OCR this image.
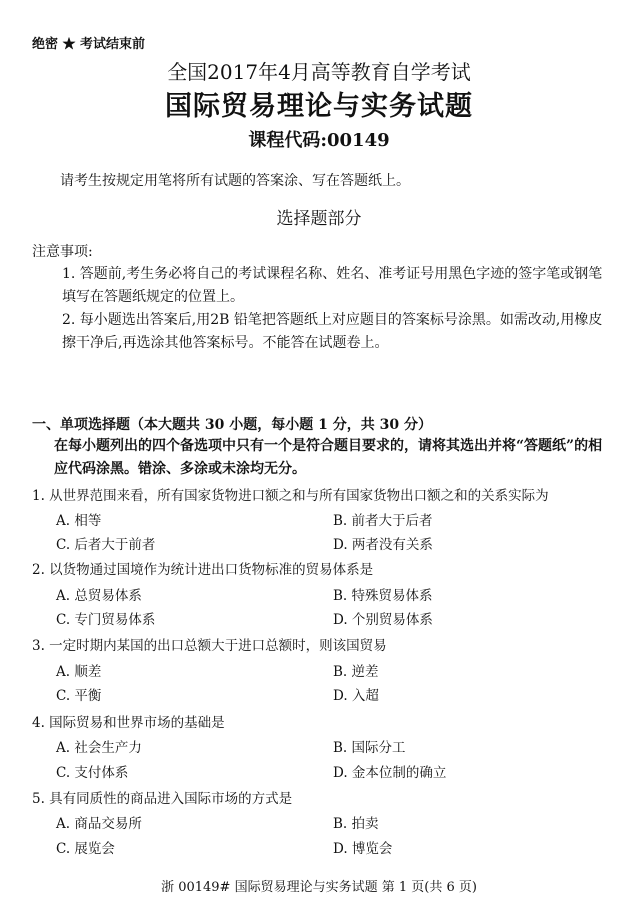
绝密 ★ 考试结束前
全国2017年4月高等教育自学考试
国际贸易理论与实务试题
课程代码:00149
请考生按规定用笔将所有试题的答案涂、写在答题纸上。
选择题部分
注意事项:
1. 答题前,考生务必将自己的考试课程名称、姓名、准考证号用黑色字迹的签字笔或钢笔填写在答题纸规定的位置上。
2. 每小题选出答案后,用2B 铅笔把答题纸上对应题目的答案标号涂黑。如需改动,用橡皮擦干净后,再选涂其他答案标号。不能答在试题卷上。
一、单项选择题（本大题共 30 小题，每小题 1 分，共 30 分）
在每小题列出的四个备选项中只有一个是符合题目要求的，请将其选出并将“答题纸”的相应代码涂黑。错涂、多涂或未涂均无分。
1. 从世界范围来看，所有国家货物进口额之和与所有国家货物出口额之和的关系实际为
A. 相等	B. 前者大于后者
C. 后者大于前者	D. 两者没有关系
2. 以货物通过国境作为统计进出口货物标准的贸易体系是
A. 总贸易体系	B. 特殊贸易体系
C. 专门贸易体系	D. 个别贸易体系
3. 一定时期内某国的出口总额大于进口总额时，则该国贸易
A. 顺差	B. 逆差
C. 平衡	D. 入超
4. 国际贸易和世界市场的基础是
A. 社会生产力	B. 国际分工
C. 支付体系	D. 金本位制的确立
5. 具有同质性的商品进入国际市场的方式是
A. 商品交易所	B. 拍卖
C. 展览会	D. 博览会
浙 00149# 国际贸易理论与实务试题 第 1 页(共 6 页)
